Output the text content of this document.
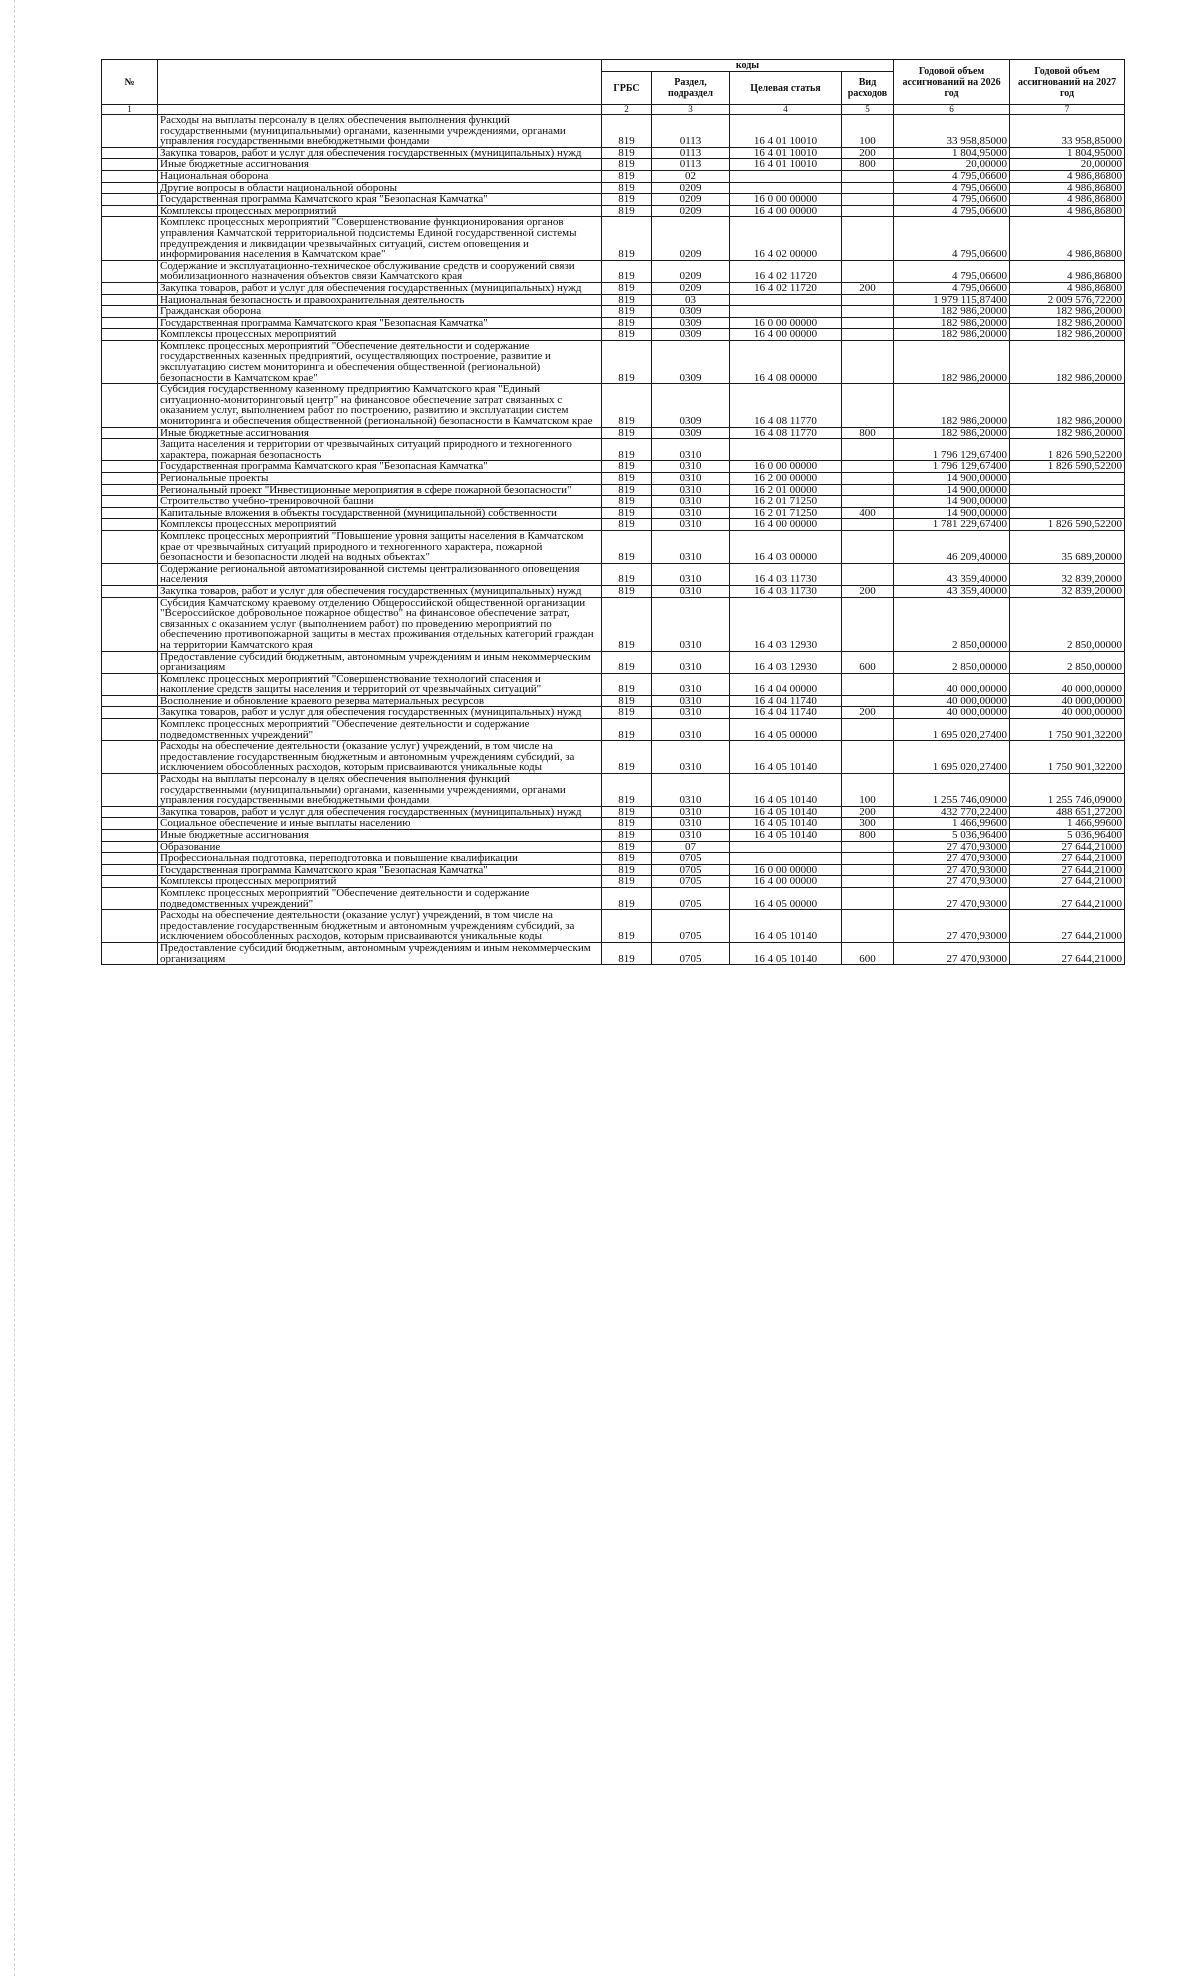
№		коды				Годовой объем ассигнований на 2026 год	Годовой объем ассигнований на 2027 год
		ГРБС	Раздел, подраздел	Целевая статья	Вид расходов		
1		2	3	4	5	6	7
	Расходы на выплаты персоналу в целях обеспечения выполнения функций государственными (муниципальными) органами, казенными учреждениями, органами управления государственными внебюджетными фондами	819	0113	16 4 01 10010	100	33 958,85000	33 958,85000
	Закупка товаров, работ и услуг для обеспечения государственных (муниципальных) нужд	819	0113	16 4 01 10010	200	1 804,95000	1 804,95000
	Иные бюджетные ассигнования	819	0113	16 4 01 10010	800	20,00000	20,00000
	Национальная оборона	819	02			4 795,06600	4 986,86800
	Другие вопросы в области национальной обороны	819	0209			4 795,06600	4 986,86800
	Государственная программа Камчатского края "Безопасная Камчатка"	819	0209	16 0 00 00000		4 795,06600	4 986,86800
	Комплексы процессных мероприятий	819	0209	16 4 00 00000		4 795,06600	4 986,86800
	Комплекс процессных мероприятий "Совершенствование функционирования органов управления Камчатской территориальной подсистемы Единой государственной системы предупреждения и ликвидации чрезвычайных ситуаций, систем оповещения и информирования населения в Камчатском крае"	819	0209	16 4 02 00000		4 795,06600	4 986,86800
	Содержание и эксплуатационно-техническое обслуживание средств и сооружений связи мобилизационного назначения объектов связи Камчатского края	819	0209	16 4 02 11720		4 795,06600	4 986,86800
	Закупка товаров, работ и услуг для обеспечения государственных (муниципальных) нужд	819	0209	16 4 02 11720	200	4 795,06600	4 986,86800
	Национальная безопасность и правоохранительная деятельность	819	03			1 979 115,87400	2 009 576,72200
	Гражданская оборона	819	0309			182 986,20000	182 986,20000
	Государственная программа Камчатского края "Безопасная Камчатка"	819	0309	16 0 00 00000		182 986,20000	182 986,20000
	Комплексы процессных мероприятий	819	0309	16 4 00 00000		182 986,20000	182 986,20000
	Комплекс процессных мероприятий "Обеспечение деятельности и содержание государственных казенных предприятий, осуществляющих построение, развитие и эксплуатацию систем мониторинга и обеспечения общественной (региональной) безопасности в Камчатском крае"	819	0309	16 4 08 00000		182 986,20000	182 986,20000
	Субсидия государственному казенному предприятию Камчатского края "Единый ситуационно-мониторинговый центр" на финансовое обеспечение затрат связанных с оказанием услуг, выполнением работ по построению, развитию и эксплуатации систем мониторинга и обеспечения общественной (региональной) безопасности в Камчатском крае	819	0309	16 4 08 11770		182 986,20000	182 986,20000
	Иные бюджетные ассигнования	819	0309	16 4 08 11770	800	182 986,20000	182 986,20000
	Защита населения и территории от чрезвычайных ситуаций природного и техногенного характера, пожарная безопасность	819	0310			1 796 129,67400	1 826 590,52200
	Государственная программа Камчатского края "Безопасная Камчатка"	819	0310	16 0 00 00000		1 796 129,67400	1 826 590,52200
	Региональные проекты	819	0310	16 2 00 00000		14 900,00000	
	Региональный проект "Инвестиционные мероприятия в сфере пожарной безопасности"	819	0310	16 2 01 00000		14 900,00000	
	Строительство учебно-тренировочной башни	819	0310	16 2 01 71250		14 900,00000	
	Капитальные вложения в объекты государственной (муниципальной) собственности	819	0310	16 2 01 71250	400	14 900,00000	
	Комплексы процессных мероприятий	819	0310	16 4 00 00000		1 781 229,67400	1 826 590,52200
	Комплекс процессных мероприятий "Повышение уровня защиты населения в Камчатском крае от чрезвычайных ситуаций природного и техногенного характера, пожарной безопасности и безопасности людей на водных объектах"	819	0310	16 4 03 00000		46 209,40000	35 689,20000
	Содержание региональной автоматизированной системы централизованного оповещения населения	819	0310	16 4 03 11730		43 359,40000	32 839,20000
	Закупка товаров, работ и услуг для обеспечения государственных (муниципальных) нужд	819	0310	16 4 03 11730	200	43 359,40000	32 839,20000
	Субсидия Камчатскому краевому отделению Общероссийской общественной организации "Всероссийское добровольное пожарное общество" на финансовое обеспечение затрат, связанных с оказанием услуг (выполнением работ) по проведению мероприятий по обеспечению противопожарной защиты в местах проживания отдельных категорий граждан на территории Камчатского края	819	0310	16 4 03 12930		2 850,00000	2 850,00000
	Предоставление субсидий бюджетным, автономным учреждениям и иным некоммерческим организациям	819	0310	16 4 03 12930	600	2 850,00000	2 850,00000
	Комплекс процессных мероприятий "Совершенствование технологий спасения и накопление средств защиты населения и территорий от чрезвычайных ситуаций"	819	0310	16 4 04 00000		40 000,00000	40 000,00000
	Восполнение и обновление краевого резерва материальных ресурсов	819	0310	16 4 04 11740		40 000,00000	40 000,00000
	Закупка товаров, работ и услуг для обеспечения государственных (муниципальных) нужд	819	0310	16 4 04 11740	200	40 000,00000	40 000,00000
	Комплекс процессных мероприятий "Обеспечение деятельности и содержание подведомственных учреждений"	819	0310	16 4 05 00000		1 695 020,27400	1 750 901,32200
	Расходы на обеспечение деятельности (оказание услуг) учреждений, в том числе на предоставление государственным бюджетным и автономным учреждениям субсидий, за исключением обособленных расходов, которым присваиваются уникальные коды	819	0310	16 4 05 10140		1 695 020,27400	1 750 901,32200
	Расходы на выплаты персоналу в целях обеспечения выполнения функций государственными (муниципальными) органами, казенными учреждениями, органами управления государственными внебюджетными фондами	819	0310	16 4 05 10140	100	1 255 746,09000	1 255 746,09000
	Закупка товаров, работ и услуг для обеспечения государственных (муниципальных) нужд	819	0310	16 4 05 10140	200	432 770,22400	488 651,27200
	Социальное обеспечение и иные выплаты населению	819	0310	16 4 05 10140	300	1 466,99600	1 466,99600
	Иные бюджетные ассигнования	819	0310	16 4 05 10140	800	5 036,96400	5 036,96400
	Образование	819	07			27 470,93000	27 644,21000
	Профессиональная подготовка, переподготовка и повышение квалификации	819	0705			27 470,93000	27 644,21000
	Государственная программа Камчатского края "Безопасная Камчатка"	819	0705	16 0 00 00000		27 470,93000	27 644,21000
	Комплексы процессных мероприятий	819	0705	16 4 00 00000		27 470,93000	27 644,21000
	Комплекс процессных мероприятий "Обеспечение деятельности и содержание подведомственных учреждений"	819	0705	16 4 05 00000		27 470,93000	27 644,21000
	Расходы на обеспечение деятельности (оказание услуг) учреждений, в том числе на предоставление государственным бюджетным и автономным учреждениям субсидий, за исключением обособленных расходов, которым присваиваются уникальные коды	819	0705	16 4 05 10140		27 470,93000	27 644,21000
	Предоставление субсидий бюджетным, автономным учреждениям и иным некоммерческим организациям	819	0705	16 4 05 10140	600	27 470,93000	27 644,21000
